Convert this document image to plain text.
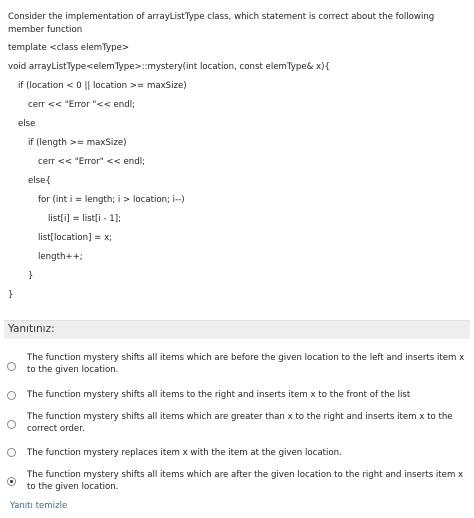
Consider the implementation of arrayListType class, which statement is correct about the following member function
template <class elemType>
void arrayListType<elemType>::mystery(int location, const elemType& x){
if (location < 0 || location >= maxSize)
cerr << "Error "<< endl;
else
if (length >= maxSize)
cerr << "Error" << endl;
else{
for (int i = length; i > location; i--)
list[i] = list[i - 1];
list[location] = x;
length++;
}
}
Yanıtınız:
The function mystery shifts all items which are before the given location to the left and inserts item x to the given location.
The function mystery shifts all items to the right and inserts item x to the front of the list
The function mystery shifts all items which are greater than x to the right and inserts item x to the correct order.
The function mystery replaces item x with the item at the given location.
The function mystery shifts all items which are after the given location to the right and inserts item x to the given location.
Yanıtı temizle
